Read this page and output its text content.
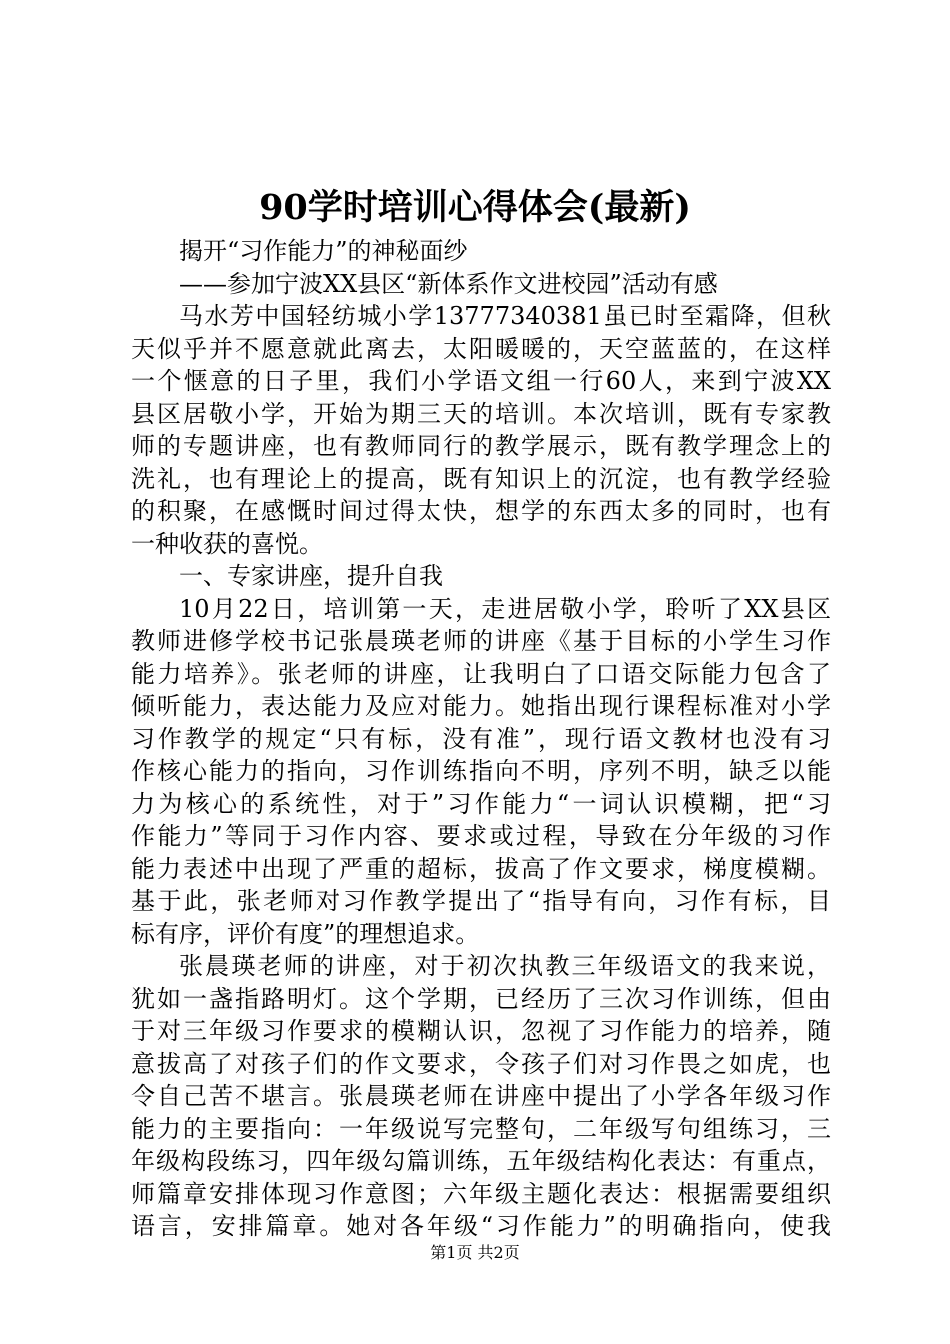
90学时培训心得体会(最新)
揭开“习作能力”的神秘面纱
——参加宁波XX县区“新体系作文进校园”活动有感
马水芳中国轻纺城小学13777340381虽已时至霜降，但秋
天似乎并不愿意就此离去，太阳暖暖的，天空蓝蓝的，在这样
一个惬意的日子里，我们小学语文组一行60人，来到宁波XX
县区居敬小学，开始为期三天的培训。本次培训，既有专家教
师的专题讲座，也有教师同行的教学展示，既有教学理念上的
洗礼，也有理论上的提高，既有知识上的沉淀，也有教学经验
的积聚，在感慨时间过得太快，想学的东西太多的同时，也有
一种收获的喜悦。
一、专家讲座，提升自我
10月22日，培训第一天，走进居敬小学，聆听了XX县区
教师进修学校书记张晨瑛老师的讲座《基于目标的小学生习作
能力培养》。张老师的讲座，让我明白了口语交际能力包含了
倾听能力，表达能力及应对能力。她指出现行课程标准对小学
习作教学的规定“只有标，没有准”，现行语文教材也没有习
作核心能力的指向，习作训练指向不明，序列不明，缺乏以能
力为核心的系统性，对于”习作能力“一词认识模糊，把“习
作能力”等同于习作内容、要求或过程，导致在分年级的习作
能力表述中出现了严重的超标，拔高了作文要求，梯度模糊。
基于此，张老师对习作教学提出了“指导有向，习作有标，目
标有序，评价有度”的理想追求。
张晨瑛老师的讲座，对于初次执教三年级语文的我来说，
犹如一盏指路明灯。这个学期，已经历了三次习作训练，但由
于对三年级习作要求的模糊认识，忽视了习作能力的培养，随
意拔高了对孩子们的作文要求，令孩子们对习作畏之如虎，也
令自己苦不堪言。张晨瑛老师在讲座中提出了小学各年级习作
能力的主要指向：一年级说写完整句，二年级写句组练习，三
年级构段练习，四年级勾篇训练，五年级结构化表达：有重点，
师篇章安排体现习作意图；六年级主题化表达：根据需要组织
语言，安排篇章。她对各年级“习作能力”的明确指向，使我
第1页 共2页
